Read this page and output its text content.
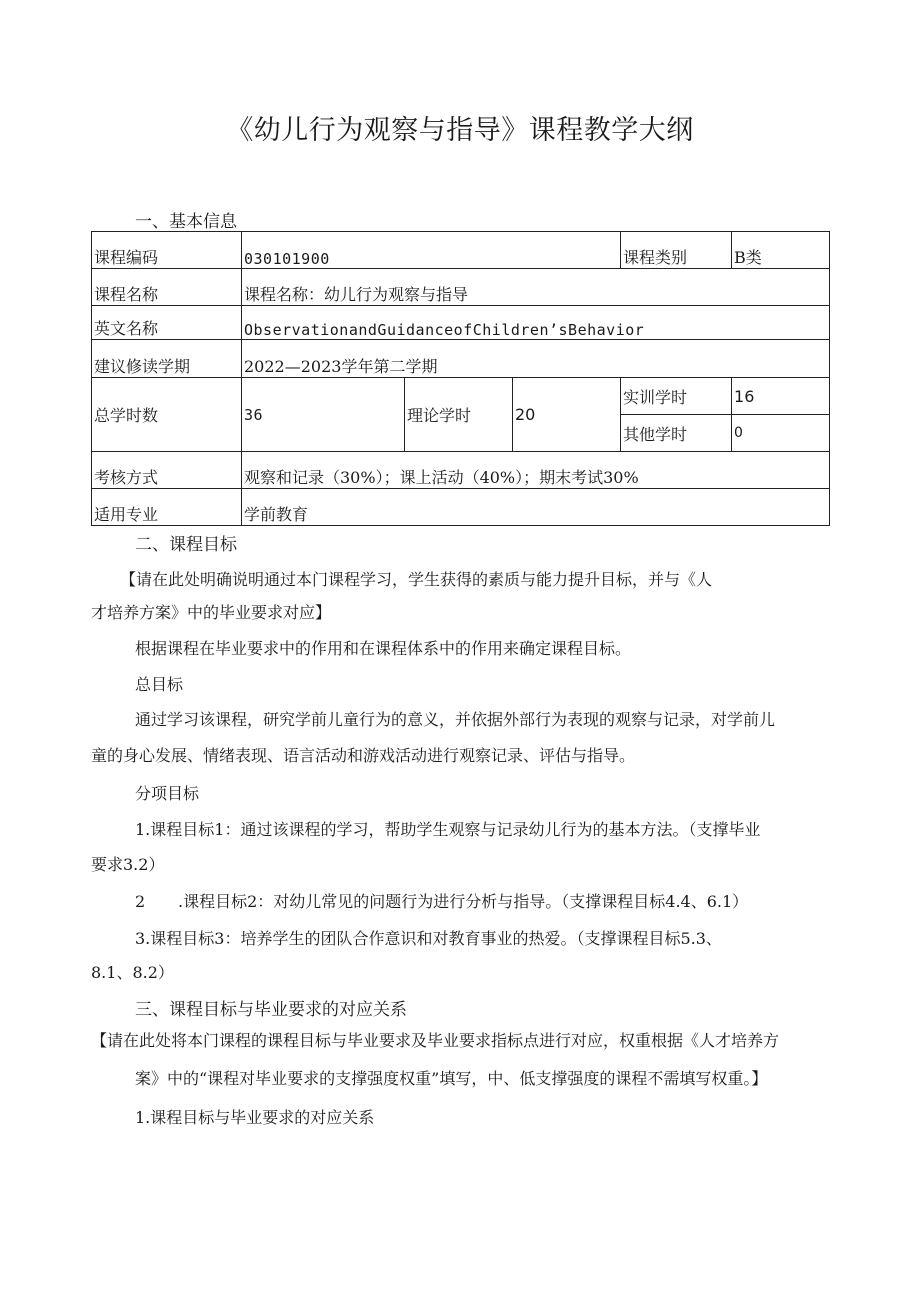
《幼儿行为观察与指导》课程教学大纲
一、基本信息
课程编码	030101900			课程类别	B类
课程名称	课程名称：幼儿行为观察与指导				
英文名称	ObservationandGuidanceofChildren’sBehavior				
建议修读学期	2022—2023学年第二学期				
总学时数	36	理论学时	20	实训学时	16
				其他学时	0
考核方式	观察和记录（30%）；课上活动（40%）；期末考试30%				
适用专业	学前教育				
二、课程目标
【请在此处明确说明通过本门课程学习，学生获得的素质与能力提升目标，并与《人
才培养方案》中的毕业要求对应】
根据课程在毕业要求中的作用和在课程体系中的作用来确定课程目标。
总目标
通过学习该课程，研究学前儿童行为的意义，并依据外部行为表现的观察与记录，对学前儿
童的身心发展、情绪表现、语言活动和游戏活动进行观察记录、评估与指导。
分项目标
1.课程目标1：通过该课程的学习，帮助学生观察与记录幼儿行为的基本方法。（支撑毕业
要求3.2）
2 .课程目标2：对幼儿常见的问题行为进行分析与指导。（支撑课程目标4.4、6.1）
3.课程目标3：培养学生的团队合作意识和对教育事业的热爱。（支撑课程目标5.3、
8.1、8.2）
三、课程目标与毕业要求的对应关系
【请在此处将本门课程的课程目标与毕业要求及毕业要求指标点进行对应，权重根据《人才培养方
案》中的“课程对毕业要求的支撑强度权重”填写，中、低支撑强度的课程不需填写权重。】
1.课程目标与毕业要求的对应关系
